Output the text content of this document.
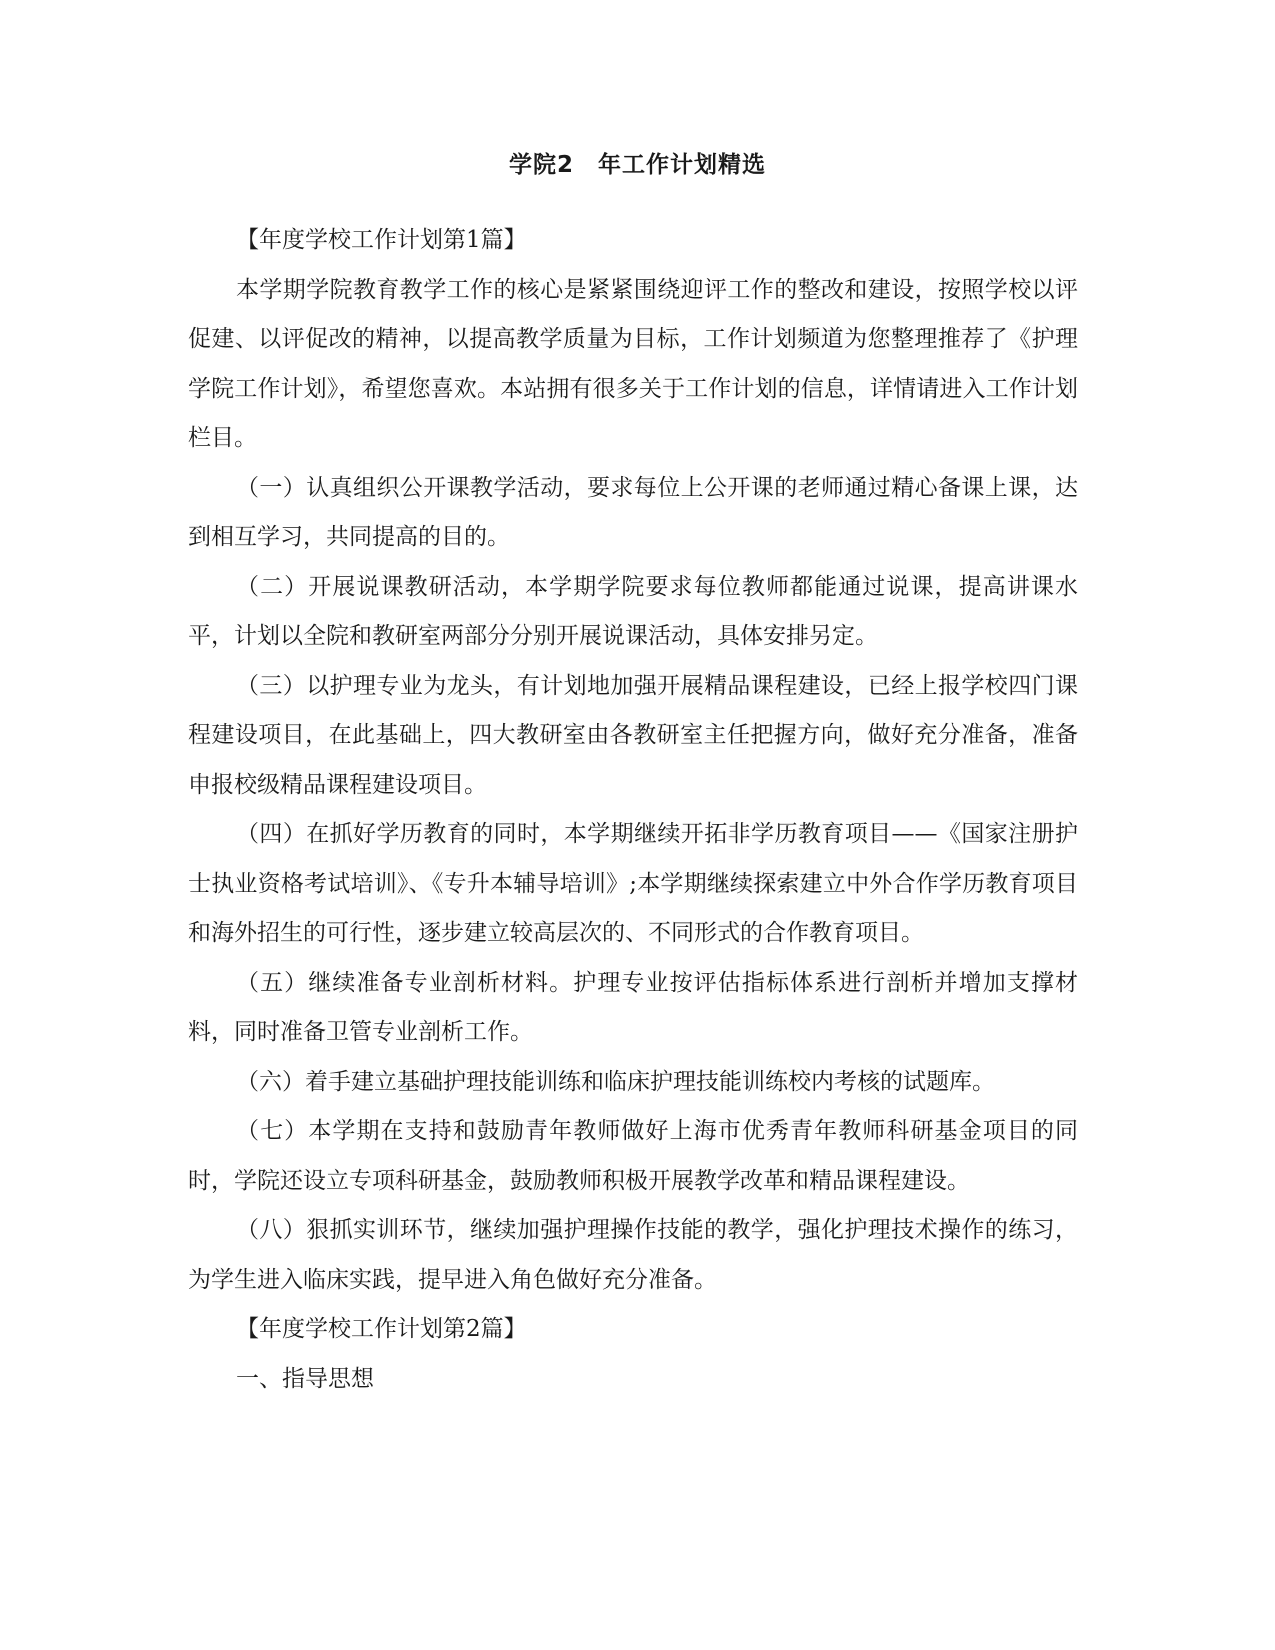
学院2 年工作计划精选

【年度学校工作计划第1篇】

本学期学院教育教学工作的核心是紧紧围绕迎评工作的整改和建设，按照学校以评促建、以评促改的精神，以提高教学质量为目标，工作计划频道为您整理推荐了《护理学院工作计划》，希望您喜欢。本站拥有很多关于工作计划的信息，详情请进入工作计划栏目。

（一）认真组织公开课教学活动，要求每位上公开课的老师通过精心备课上课，达到相互学习，共同提高的目的。

（二）开展说课教研活动，本学期学院要求每位教师都能通过说课，提高讲课水平，计划以全院和教研室两部分分别开展说课活动，具体安排另定。

（三）以护理专业为龙头，有计划地加强开展精品课程建设，已经上报学校四门课程建设项目，在此基础上，四大教研室由各教研室主任把握方向，做好充分准备，准备申报校级精品课程建设项目。

（四）在抓好学历教育的同时，本学期继续开拓非学历教育项目——《国家注册护士执业资格考试培训》、《专升本辅导培训》;本学期继续探索建立中外合作学历教育项目和海外招生的可行性，逐步建立较高层次的、不同形式的合作教育项目。

（五）继续准备专业剖析材料。护理专业按评估指标体系进行剖析并增加支撑材料，同时准备卫管专业剖析工作。

（六）着手建立基础护理技能训练和临床护理技能训练校内考核的试题库。

（七）本学期在支持和鼓励青年教师做好上海市优秀青年教师科研基金项目的同时，学院还设立专项科研基金，鼓励教师积极开展教学改革和精品课程建设。

（八）狠抓实训环节，继续加强护理操作技能的教学，强化护理技术操作的练习，为学生进入临床实践，提早进入角色做好充分准备。

【年度学校工作计划第2篇】

一、指导思想
